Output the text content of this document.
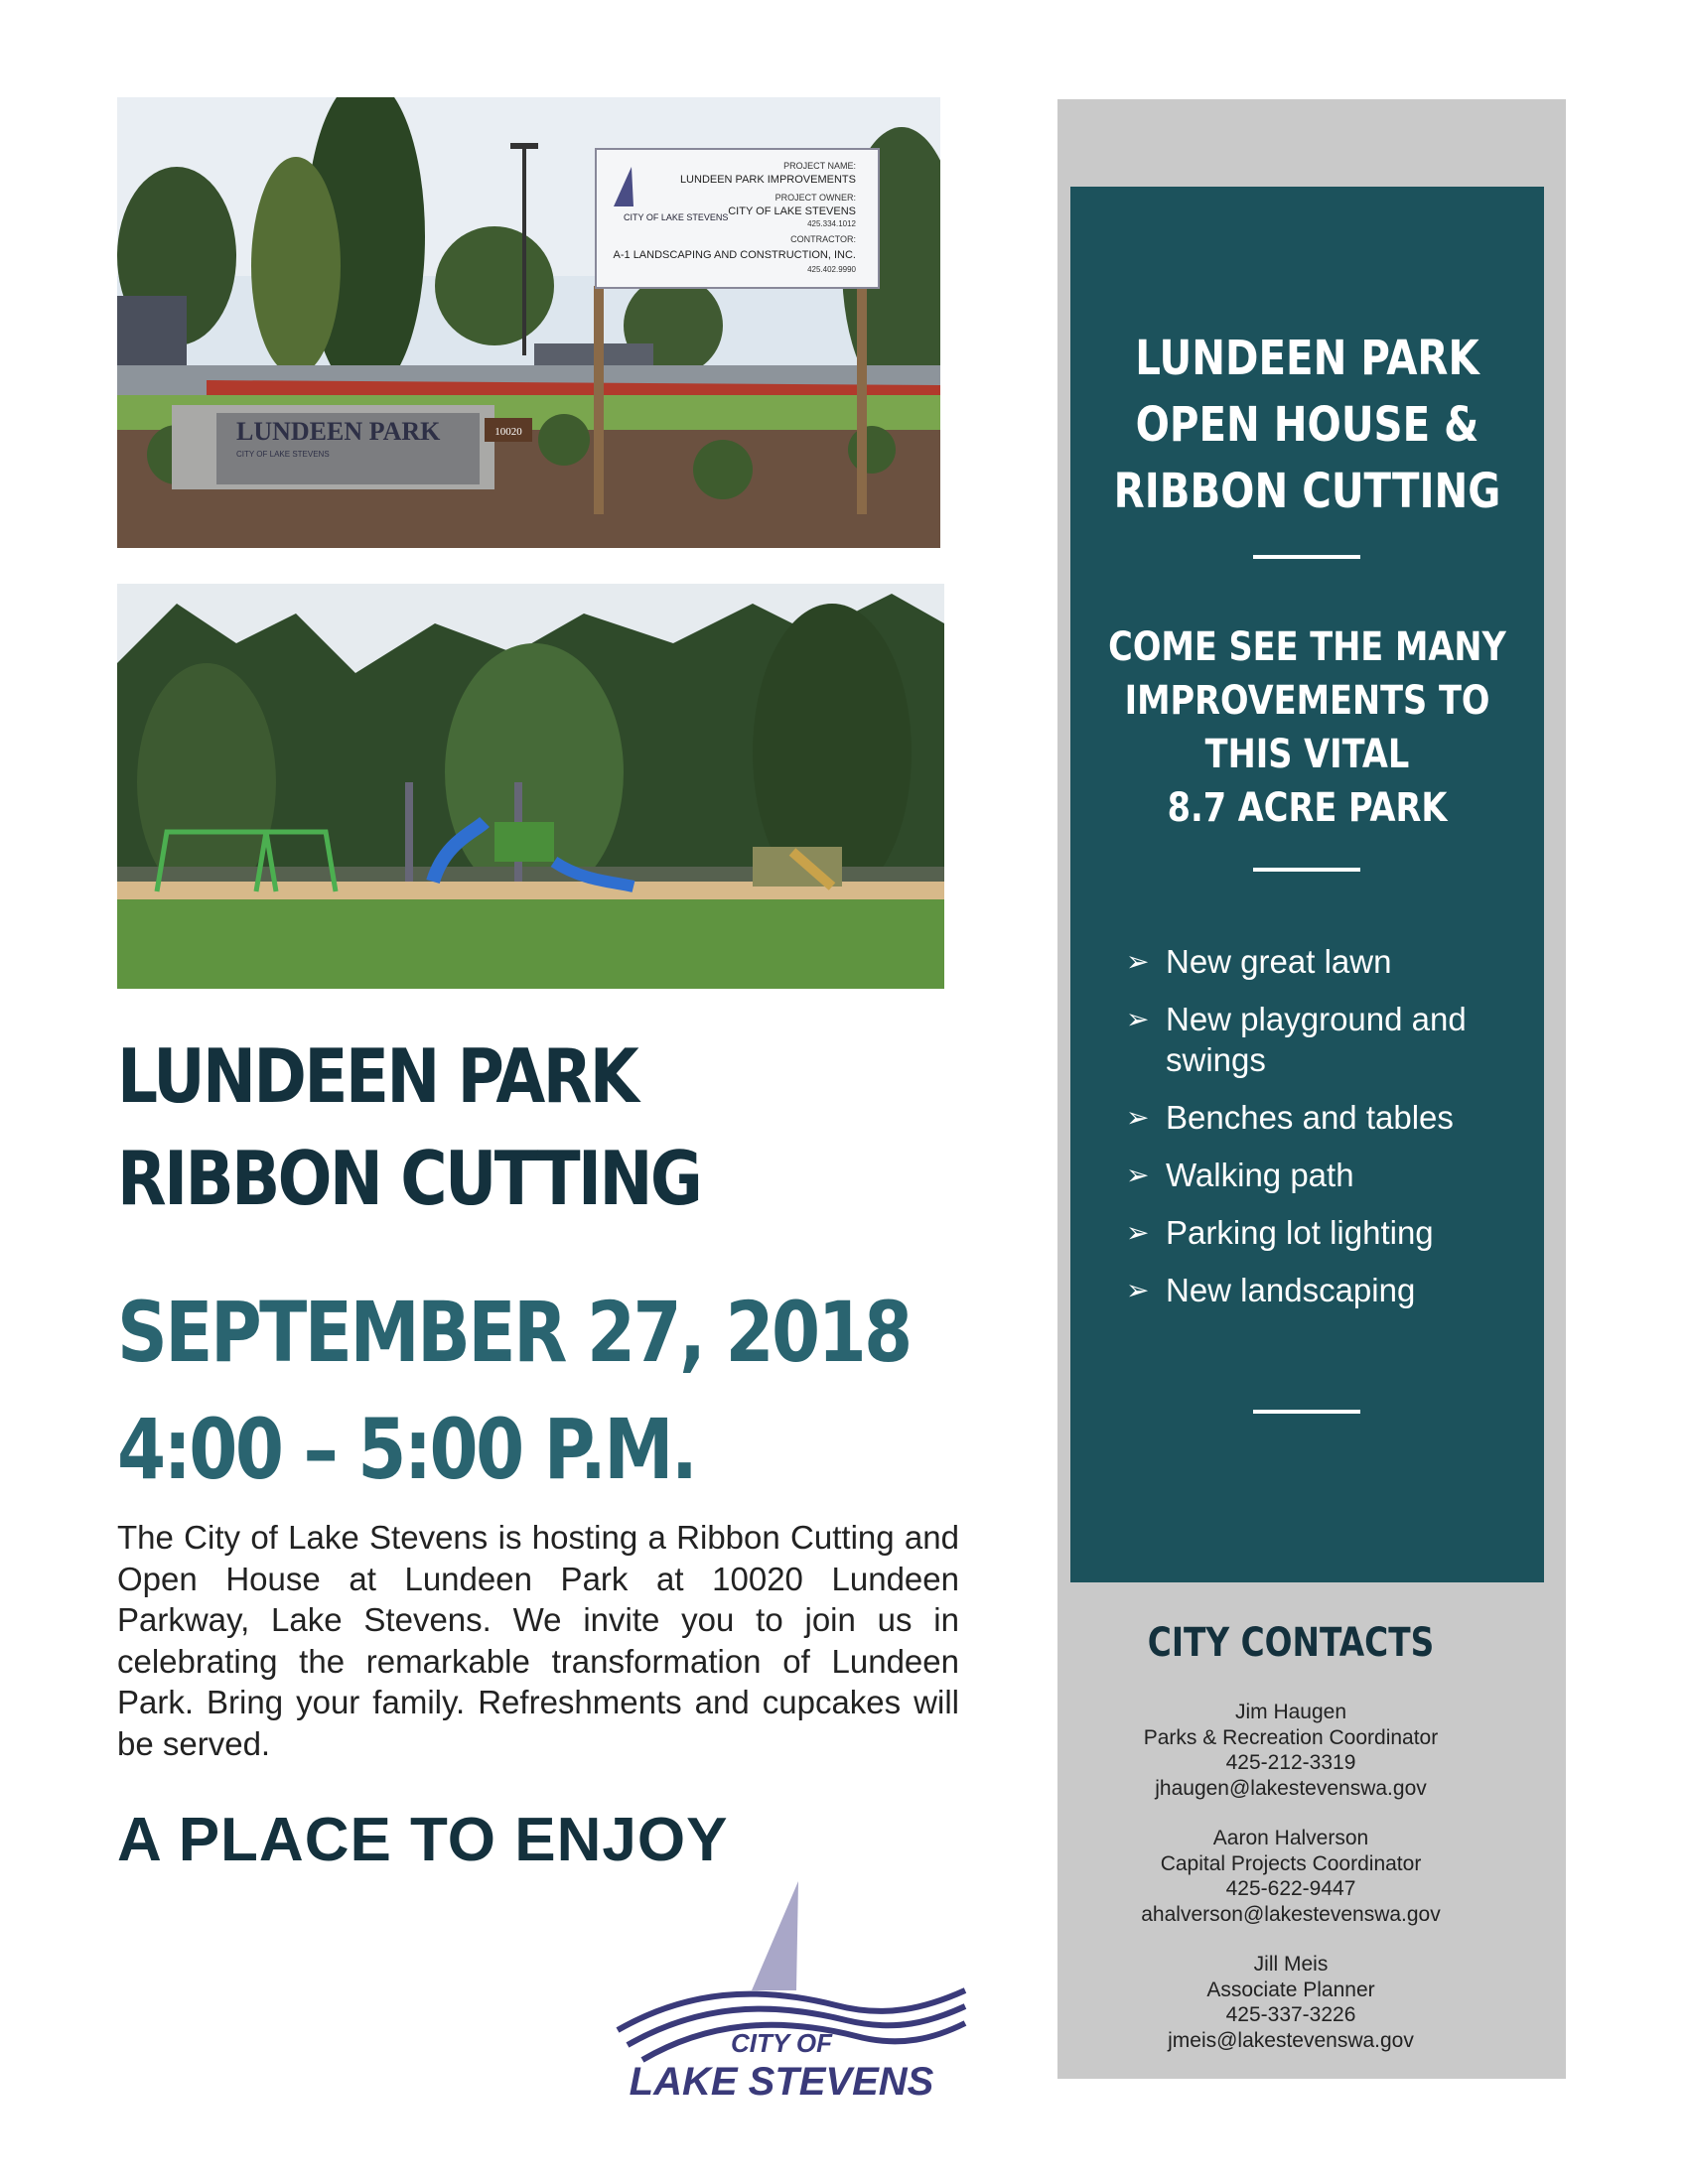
CITY OF LAKE STEVENS
PROJECT NAME:
LUNDEEN PARK IMPROVEMENTS
PROJECT OWNER:
CITY OF LAKE STEVENS
425.334.1012
CONTRACTOR:
A-1 LANDSCAPING AND CONSTRUCTION, INC.
425.402.9990
LUNDEEN PARK
CITY OF LAKE STEVENS
10020
LUNDEEN PARK
RIBBON CUTTING
SEPTEMBER 27, 2018
4:00 – 5:00 P.M.

The City of Lake Stevens is hosting a Ribbon Cutting and Open House at Lundeen Park at 10020 Lundeen Parkway, Lake Stevens. We invite you to join us in celebrating the remarkable transformation of Lundeen Park. Bring your family. Refreshments and cupcakes will be served.

A PLACE TO ENJOY
CITY OF
LAKE STEVENS
LUNDEEN PARK
OPEN HOUSE &
RIBBON CUTTING
COME SEE THE MANY
IMPROVEMENTS TO
THIS VITAL
8.7 ACRE PARK
➢ New great lawn
➢ New playground and swings
➢ Benches and tables
➢ Walking path
➢ Parking lot lighting
➢ New landscaping
CITY CONTACTS
Jim Haugen
Parks & Recreation Coordinator
425-212-3319
jhaugen@lakestevenswa.gov
Aaron Halverson
Capital Projects Coordinator
425-622-9447
ahalverson@lakestevenswa.gov
Jill Meis
Associate Planner
425-337-3226
jmeis@lakestevenswa.gov
